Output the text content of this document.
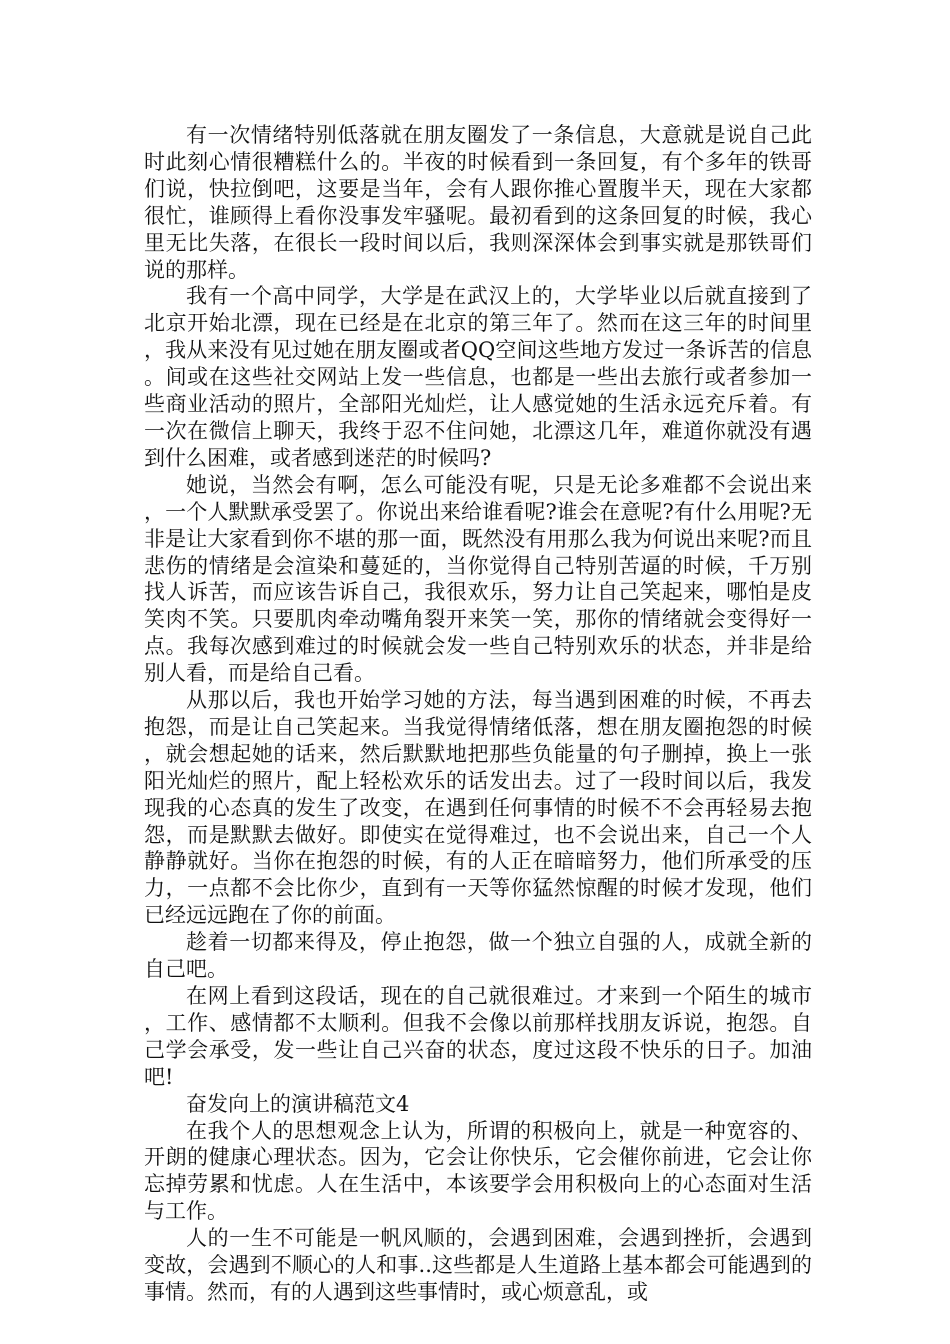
有一次情绪特别低落就在朋友圈发了一条信息，大意就是说自己此时此刻心情很糟糕什么的。半夜的时候看到一条回复，有个多年的铁哥们说，快拉倒吧，这要是当年，会有人跟你推心置腹半天，现在大家都很忙，谁顾得上看你没事发牢骚呢。最初看到的这条回复的时候，我心里无比失落，在很长一段时间以后，我则深深体会到事实就是那铁哥们说的那样。

我有一个高中同学，大学是在武汉上的，大学毕业以后就直接到了北京开始北漂，现在已经是在北京的第三年了。然而在这三年的时间里，我从来没有见过她在朋友圈或者QQ空间这些地方发过一条诉苦的信息。间或在这些社交网站上发一些信息，也都是一些出去旅行或者参加一些商业活动的照片，全部阳光灿烂，让人感觉她的生活永远充斥着。有一次在微信上聊天，我终于忍不住问她，北漂这几年，难道你就没有遇到什么困难，或者感到迷茫的时候吗?

她说，当然会有啊，怎么可能没有呢，只是无论多难都不会说出来，一个人默默承受罢了。你说出来给谁看呢?谁会在意呢?有什么用呢?无非是让大家看到你不堪的那一面，既然没有用那么我为何说出来呢?而且悲伤的情绪是会渲染和蔓延的，当你觉得自己特别苦逼的时候，千万别找人诉苦，而应该告诉自己，我很欢乐，努力让自己笑起来，哪怕是皮笑肉不笑。只要肌肉牵动嘴角裂开来笑一笑，那你的情绪就会变得好一点。我每次感到难过的时候就会发一些自己特别欢乐的状态，并非是给别人看，而是给自己看。

从那以后，我也开始学习她的方法，每当遇到困难的时候，不再去抱怨，而是让自己笑起来。当我觉得情绪低落，想在朋友圈抱怨的时候，就会想起她的话来，然后默默地把那些负能量的句子删掉，换上一张阳光灿烂的照片，配上轻松欢乐的话发出去。过了一段时间以后，我发现我的心态真的发生了改变，在遇到任何事情的时候不不会再轻易去抱怨，而是默默去做好。即使实在觉得难过，也不会说出来，自己一个人静静就好。当你在抱怨的时候，有的人正在暗暗努力，他们所承受的压力，一点都不会比你少，直到有一天等你猛然惊醒的时候才发现，他们已经远远跑在了你的前面。

趁着一切都来得及，停止抱怨，做一个独立自强的人，成就全新的自己吧。

在网上看到这段话，现在的自己就很难过。才来到一个陌生的城市，工作、感情都不太顺利。但我不会像以前那样找朋友诉说，抱怨。自己学会承受，发一些让自己兴奋的状态，度过这段不快乐的日子。加油吧!

奋发向上的演讲稿范文4

在我个人的思想观念上认为，所谓的积极向上，就是一种宽容的、开朗的健康心理状态。因为，它会让你快乐，它会催你前进，它会让你忘掉劳累和忧虑。人在生活中，本该要学会用积极向上的心态面对生活与工作。

人的一生不可能是一帆风顺的，会遇到困难，会遇到挫折，会遇到变故，会遇到不顺心的人和事..这些都是人生道路上基本都会可能遇到的事情。然而，有的人遇到这些事情时，或心烦意乱，或
